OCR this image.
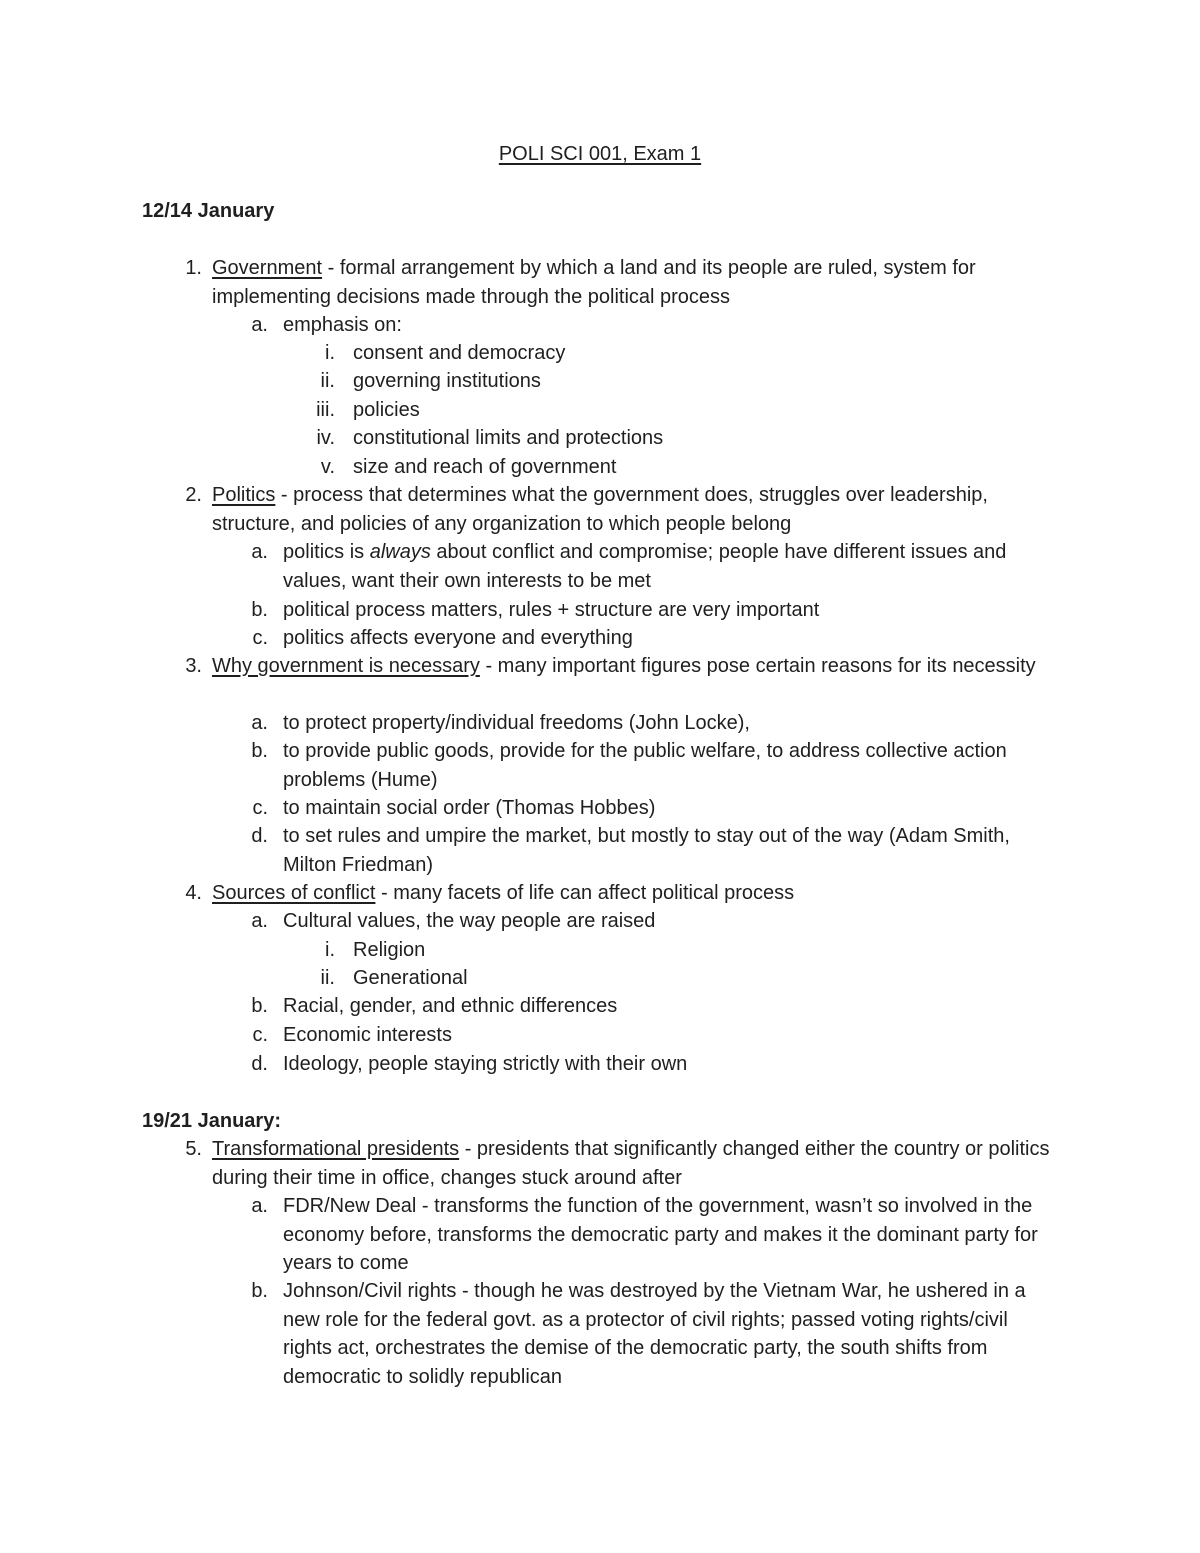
POLI SCI 001, Exam 1
12/14 January
1. Government - formal arrangement by which a land and its people are ruled, system for implementing decisions made through the political process
a. emphasis on:
i. consent and democracy
ii. governing institutions
iii. policies
iv. constitutional limits and protections
v. size and reach of government
2. Politics - process that determines what the government does, struggles over leadership, structure, and policies of any organization to which people belong
a. politics is always about conflict and compromise; people have different issues and values, want their own interests to be met
b. political process matters, rules + structure are very important
c. politics affects everyone and everything
3. Why government is necessary - many important figures pose certain reasons for its necessity
a. to protect property/individual freedoms (John Locke),
b. to provide public goods, provide for the public welfare, to address collective action problems (Hume)
c. to maintain social order (Thomas Hobbes)
d. to set rules and umpire the market, but mostly to stay out of the way (Adam Smith, Milton Friedman)
4. Sources of conflict - many facets of life can affect political process
a. Cultural values, the way people are raised
i. Religion
ii. Generational
b. Racial, gender, and ethnic differences
c. Economic interests
d. Ideology, people staying strictly with their own
19/21 January:
5. Transformational presidents - presidents that significantly changed either the country or politics during their time in office, changes stuck around after
a. FDR/New Deal - transforms the function of the government, wasn’t so involved in the economy before, transforms the democratic party and makes it the dominant party for years to come
b. Johnson/Civil rights - though he was destroyed by the Vietnam War, he ushered in a new role for the federal govt. as a protector of civil rights; passed voting rights/civil rights act, orchestrates the demise of the democratic party, the south shifts from democratic to solidly republican
